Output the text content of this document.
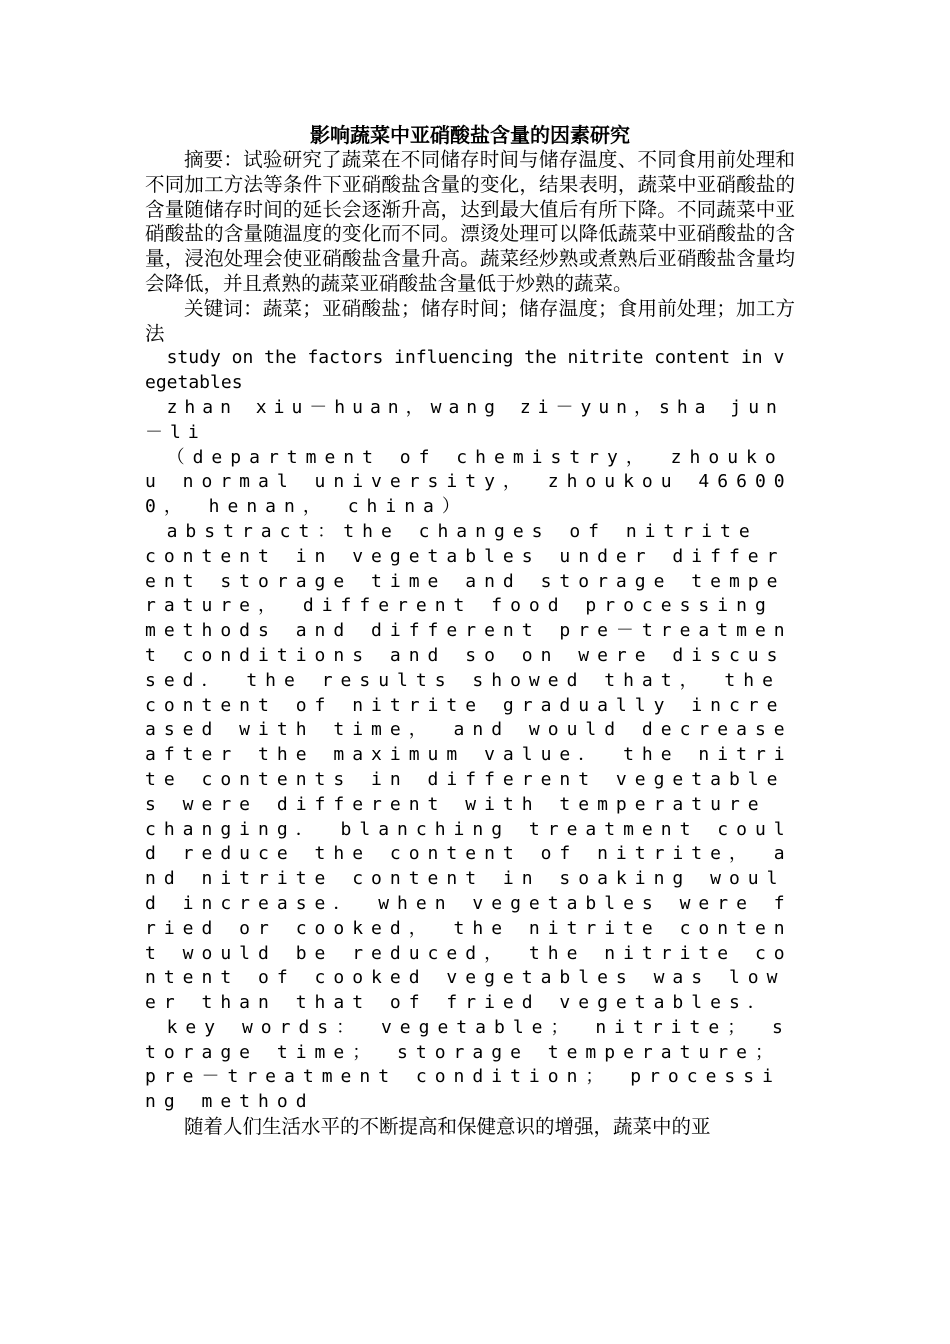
影响蔬菜中亚硝酸盐含量的因素研究

摘要：试验研究了蔬菜在不同储存时间与储存温度、不同食用前处理和不同加工方法等条件下亚硝酸盐含量的变化，结果表明，蔬菜中亚硝酸盐的含量随储存时间的延长会逐渐升高，达到最大值后有所下降。不同蔬菜中亚硝酸盐的含量随温度的变化而不同。漂烫处理可以降低蔬菜中亚硝酸盐的含量，浸泡处理会使亚硝酸盐含量升高。蔬菜经炒熟或煮熟后亚硝酸盐含量均会降低，并且煮熟的蔬菜亚硝酸盐含量低于炒熟的蔬菜。

关键词：蔬菜；亚硝酸盐；储存时间；储存温度；食用前处理；加工方法

study on the factors influencing the nitrite content in vegetables

zhan xiu－huan，wang zi－yun，sha jun－li

（department of chemistry， zhoukou normal university， zhoukou 466000， henan， china）

abstract：the changes of nitrite content in vegetables under different storage time and storage temperature， different food processing methods and different pre－treatment conditions and so on were discussed． the results showed that， the content of nitrite gradually increased with time， and would decrease after the maximum value． the nitrite contents in different vegetables were different with temperature changing． blanching treatment could reduce the content of nitrite， and nitrite content in soaking would increase． when vegetables were fried or cooked， the nitrite content would be reduced， the nitrite content of cooked vegetables was lower than that of fried vegetables．

key words： vegetable； nitrite； storage time； storage temperature； pre－treatment condition； processing method

随着人们生活水平的不断提高和保健意识的增强，蔬菜中的亚
